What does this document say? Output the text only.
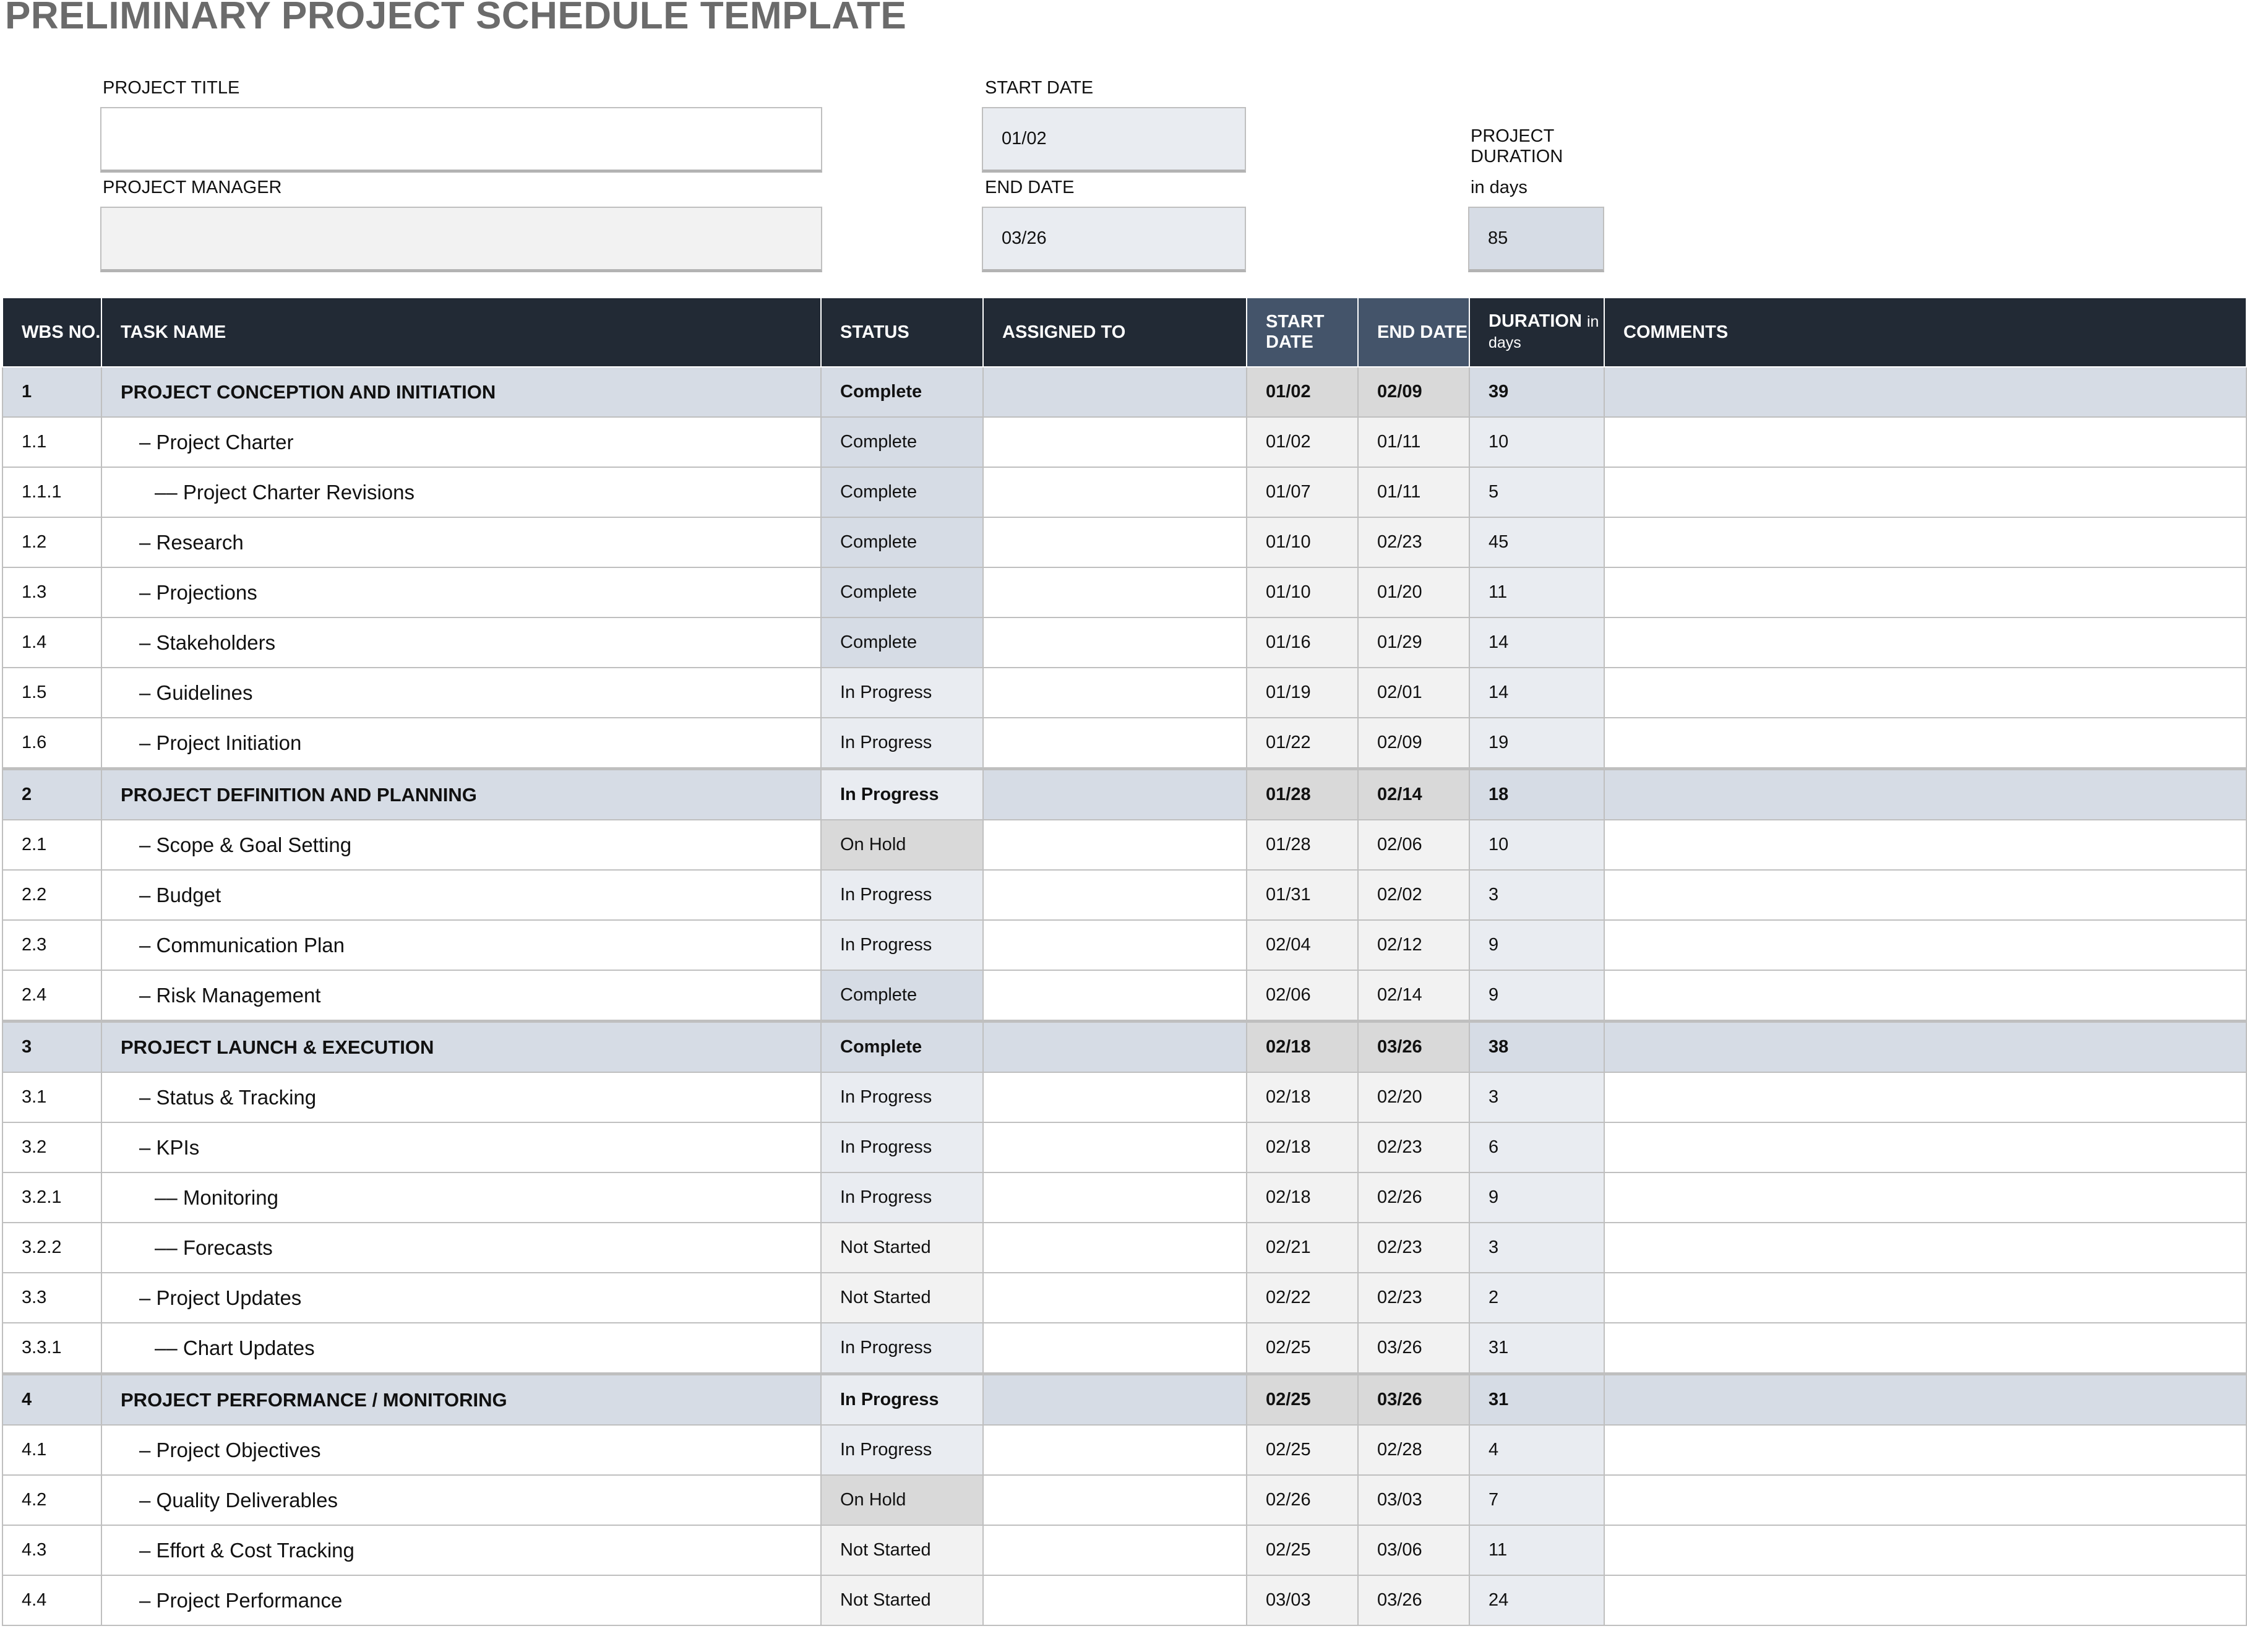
PRELIMINARY PROJECT SCHEDULE TEMPLATE
PROJECT TITLE
PROJECT MANAGER
START DATE
01/02
END DATE
03/26
PROJECT
DURATION
in days
85
WBS NO.	TASK NAME	STATUS	ASSIGNED TO	START DATE	END DATE	DURATION in
days	COMMENTS
1	PROJECT CONCEPTION AND INITIATION	Complete		01/02	02/09	39	
1.1	– Project Charter	Complete		01/02	01/11	10	
1.1.1	–– Project Charter Revisions	Complete		01/07	01/11	5	
1.2	– Research	Complete		01/10	02/23	45	
1.3	– Projections	Complete		01/10	01/20	11	
1.4	– Stakeholders	Complete		01/16	01/29	14	
1.5	– Guidelines	In Progress		01/19	02/01	14	
1.6	– Project Initiation	In Progress		01/22	02/09	19	
2	PROJECT DEFINITION AND PLANNING	In Progress		01/28	02/14	18	
2.1	– Scope & Goal Setting	On Hold		01/28	02/06	10	
2.2	– Budget	In Progress		01/31	02/02	3	
2.3	– Communication Plan	In Progress		02/04	02/12	9	
2.4	– Risk Management	Complete		02/06	02/14	9	
3	PROJECT LAUNCH & EXECUTION	Complete		02/18	03/26	38	
3.1	– Status & Tracking	In Progress		02/18	02/20	3	
3.2	– KPIs	In Progress		02/18	02/23	6	
3.2.1	–– Monitoring	In Progress		02/18	02/26	9	
3.2.2	–– Forecasts	Not Started		02/21	02/23	3	
3.3	– Project Updates	Not Started		02/22	02/23	2	
3.3.1	–– Chart Updates	In Progress		02/25	03/26	31	
4	PROJECT PERFORMANCE / MONITORING	In Progress		02/25	03/26	31	
4.1	– Project Objectives	In Progress		02/25	02/28	4	
4.2	– Quality Deliverables	On Hold		02/26	03/03	7	
4.3	– Effort & Cost Tracking	Not Started		02/25	03/06	11	
4.4	– Project Performance	Not Started		03/03	03/26	24	
